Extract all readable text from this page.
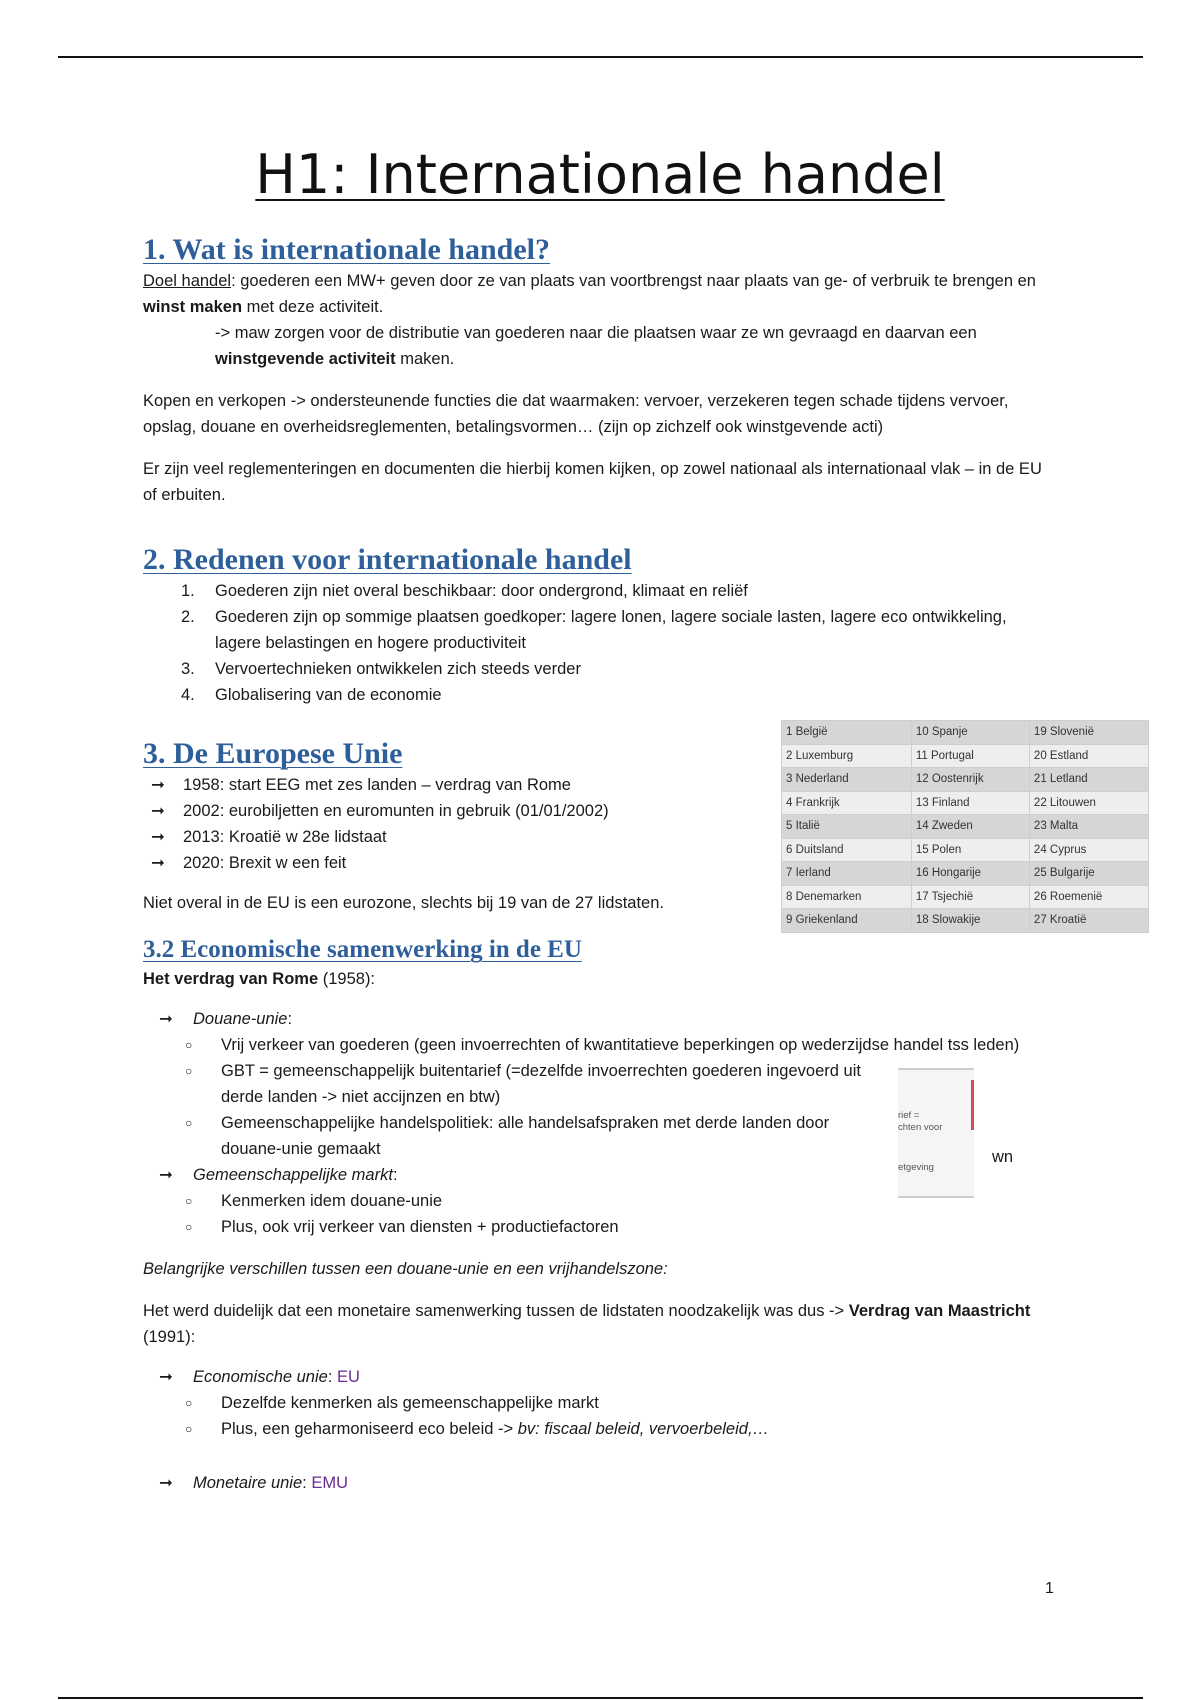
H1: Internationale handel
1. Wat is internationale handel?

Doel handel: goederen een MW+ geven door ze van plaats van voortbrengst naar plaats van ge- of verbruik te brengen en winst maken met deze activiteit.

-> maw zorgen voor de distributie van goederen naar die plaatsen waar ze wn gevraagd en daarvan een winstgevende activiteit maken.

Kopen en verkopen -> ondersteunende functies die dat waarmaken: vervoer, verzekeren tegen schade tijdens vervoer, opslag, douane en overheidsreglementen, betalingsvormen… (zijn op zichzelf ook winstgevende acti)

Er zijn veel reglementeringen en documenten die hierbij komen kijken, op zowel nationaal als internationaal vlak – in de EU of erbuiten.

2. Redenen voor internationale handel
1. Goederen zijn niet overal beschikbaar: door ondergrond, klimaat en reliëf
2. Goederen zijn op sommige plaatsen goedkoper: lagere lonen, lagere sociale lasten, lagere eco ontwikkeling, lagere belastingen en hogere productiviteit
3. Vervoertechnieken ontwikkelen zich steeds verder
4. Globalisering van de economie
3. De Europese Unie
➞ 1958: start EEG met zes landen – verdrag van Rome
➞ 2002: eurobiljetten en euromunten in gebruik (01/01/2002)
➞ 2013: Kroatië w 28e lidstaat
➞ 2020: Brexit w een feit

Niet overal in de EU is een eurozone, slechts bij 19 van de 27 lidstaten.

1 België	10 Spanje	19 Slovenië
2 Luxemburg	11 Portugal	20 Estland
3 Nederland	12 Oostenrijk	21 Letland
4 Frankrijk	13 Finland	22 Litouwen
5 Italië	14 Zweden	23 Malta
6 Duitsland	15 Polen	24 Cyprus
7 Ierland	16 Hongarije	25 Bulgarije
8 Denemarken	17 Tsjechië	26 Roemenië
9 Griekenland	18 Slowakije	27 Kroatië
3.2 Economische samenwerking in de EU

Het verdrag van Rome (1958):

➞ Douane-unie:
○ Vrij verkeer van goederen (geen invoerrechten of kwantitatieve beperkingen op wederzijdse handel tss leden)
○ GBT = gemeenschappelijk buitentarief (=dezelfde invoerrechten goederen ingevoerd uit derde landen -> niet accijnzen en btw)
○ Gemeenschappelijke handelspolitiek: alle handelsafspraken met derde landen door douane-unie gemaakt
➞ Gemeenschappelijke markt:
○ Kenmerken idem douane-unie
○ Plus, ook vrij verkeer van diensten + productiefactoren

Belangrijke verschillen tussen een douane-unie en een vrijhandelszone:

Het werd duidelijk dat een monetaire samenwerking tussen de lidstaten noodzakelijk was dus -> Verdrag van Maastricht (1991):

➞ Economische unie: EU
○ Dezelfde kenmerken als gemeenschappelijke markt
○ Plus, een geharmoniseerd eco beleid -> bv: fiscaal beleid, vervoerbeleid,…
➞ Monetaire unie: EMU
rief =
chten voor
etgeving
wn
1
